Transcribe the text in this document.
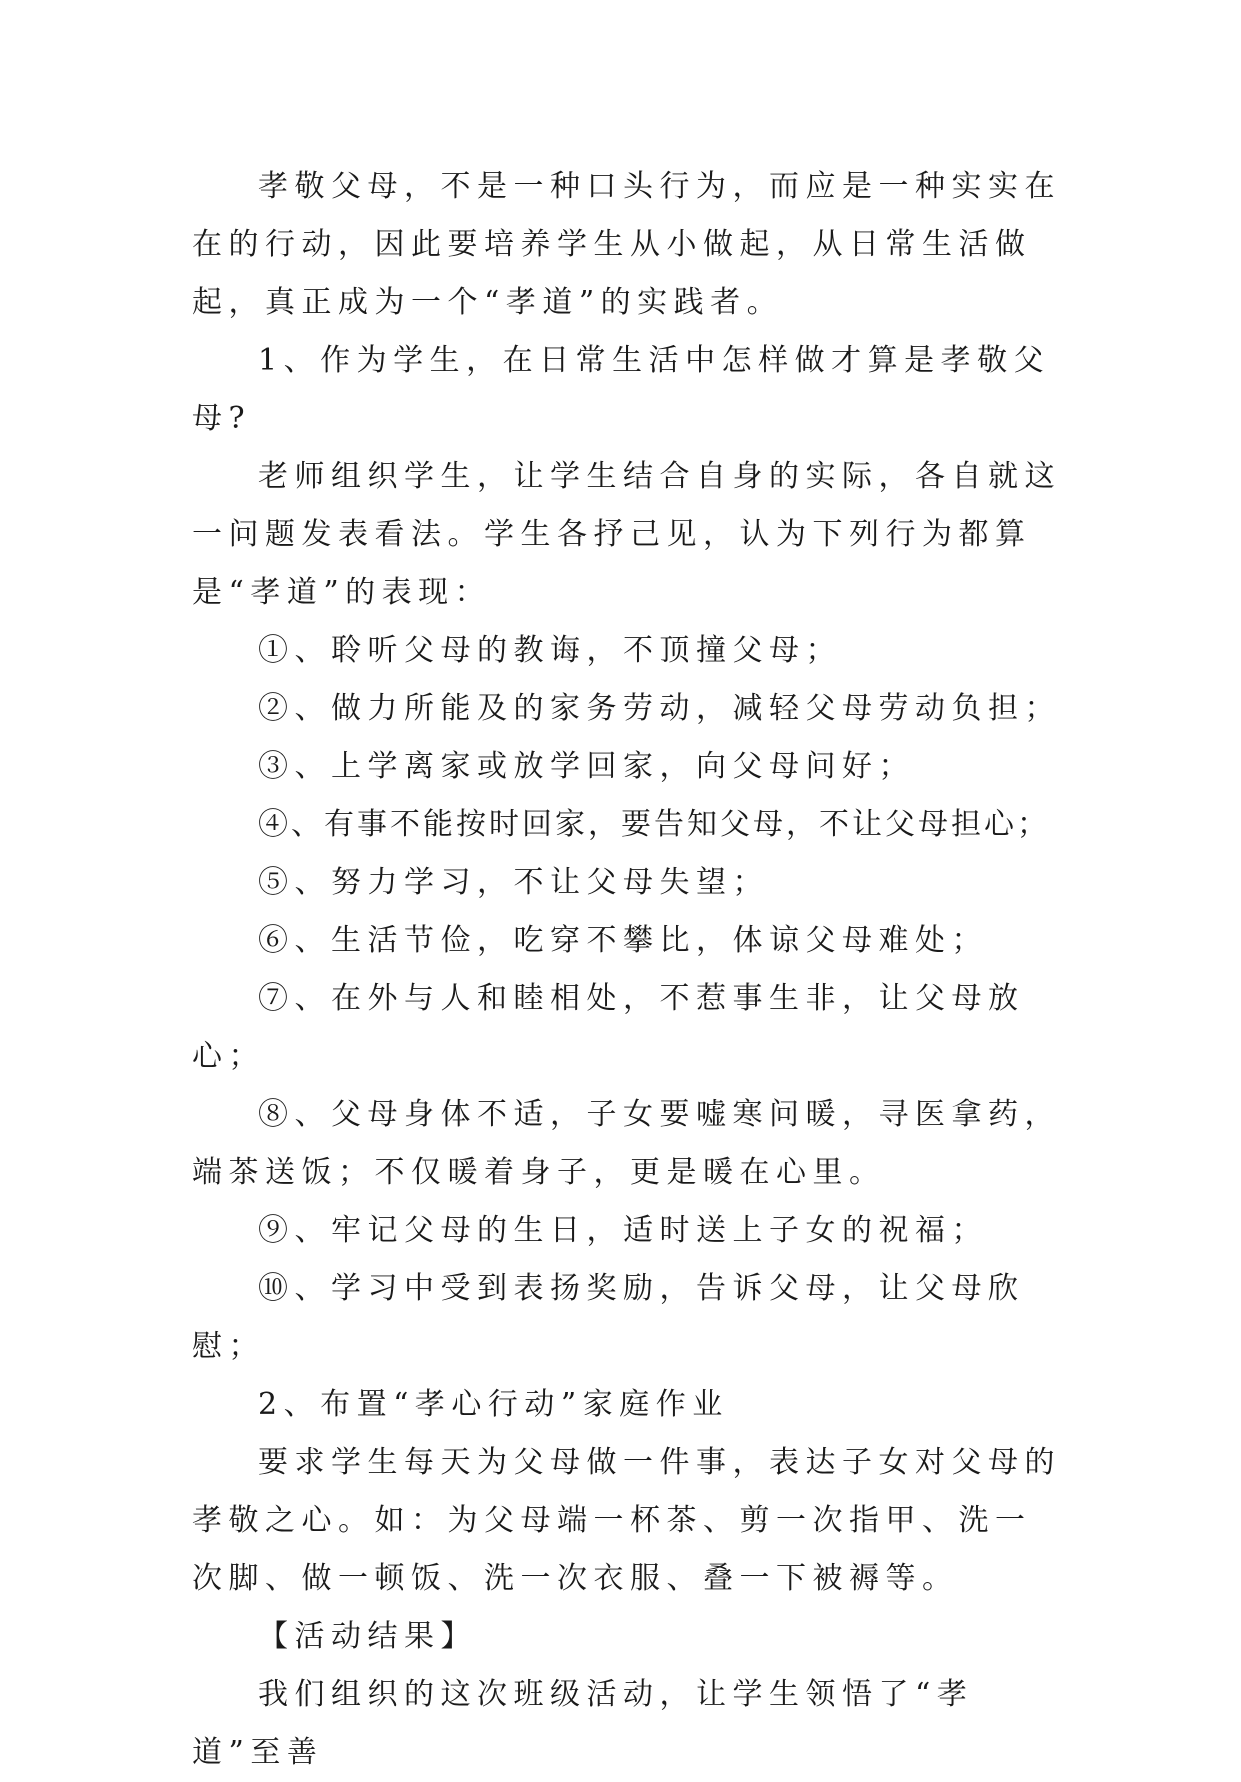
孝敬父母，不是一种口头行为，而应是一种实实在在的行动，因此要培养学生从小做起，从日常生活做起，真正成为一个“孝道”的实践者。

1、作为学生，在日常生活中怎样做才算是孝敬父母?

老师组织学生，让学生结合自身的实际，各自就这一问题发表看法。学生各抒己见，认为下列行为都算是“孝道”的表现：

①、聆听父母的教诲，不顶撞父母；

②、做力所能及的家务劳动，减轻父母劳动负担；

③、上学离家或放学回家，向父母问好；

④、有事不能按时回家，要告知父母，不让父母担心；

⑤、努力学习，不让父母失望；

⑥、生活节俭，吃穿不攀比，体谅父母难处；

⑦、在外与人和睦相处，不惹事生非，让父母放心；

⑧、父母身体不适，子女要嘘寒问暖，寻医拿药，端茶送饭；不仅暖着身子，更是暖在心里。

⑨、牢记父母的生日，适时送上子女的祝福；

⑩、学习中受到表扬奖励，告诉父母，让父母欣慰；

2、布置“孝心行动”家庭作业

要求学生每天为父母做一件事，表达子女对父母的孝敬之心。如：为父母端一杯茶、剪一次指甲、洗一次脚、做一顿饭、洗一次衣服、叠一下被褥等。

【活动结果】

我们组织的这次班级活动，让学生领悟了“孝道”至善
